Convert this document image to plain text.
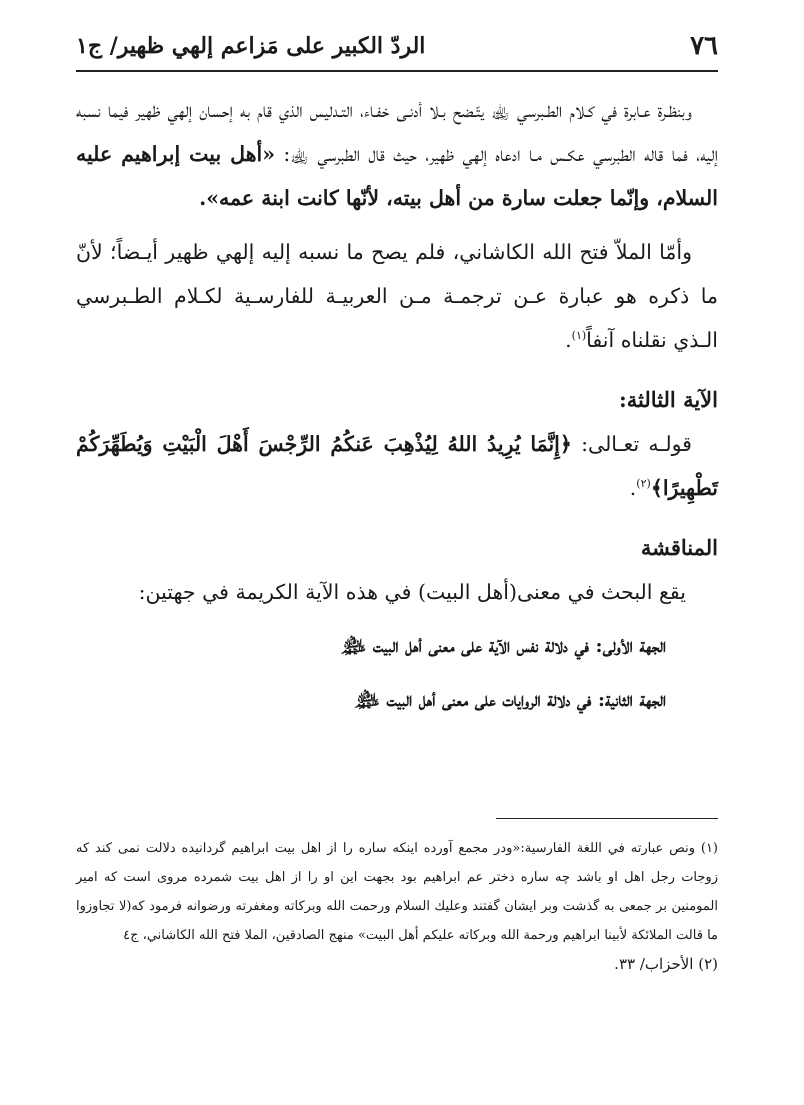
٧٦
الردّ الكبير على مَزاعم إلهي ظهير/ ج١

وبنظـرة عـابرة في كـلام الطـبرسي ﵀ يتّـضح بـلا أدنـى خفـاء، التـدليس الذي قام به إحسان إلهي ظهير فيما نسبه إليه، فما قاله الطبرسي عكـس مـا ادعاه إلهي ظهير، حيث قال الطبرسي ﵀: «أهل بيت إبراهيم عليه السلام، وإنّما جعلت سارة من أهل بيته، لأنّها كانت ابنة عمه».

وأمّا الملاّ فتح الله الكاشاني، فلم يصح ما نسبه إليه إلهي ظهير أيـضاً؛ لأنّ ما ذكره هو عبارة عـن ترجمـة مـن العربيـة للفارسـية لكـلام الطـبرسي الـذي نقلناه آنفاً$^{(١)}$.

الآية الثالثة:

قولـه تعـالى: ﴿إِنَّمَا يُرِيدُ اللهُ لِيُذْهِبَ عَنكُمُ الرِّجْسَ أَهْلَ الْبَيْتِ وَيُطَهِّرَكُمْ تَطْهِيرًا﴾$^{(٢)}$.

المناقشة

يقع البحث في معنى(أهل البيت) في هذه الآية الكريمة في جهتين:

الجهة الأولى: في دلالة نفس الآية على معنى أهل البيت ﵈

الجهة الثانية: في دلالة الروايات على معنى أهل البيت ﵈

(١) ونص عبارته في اللغة الفارسية:«ودر مجمع آورده اينكه ساره را از اهل بيت ابراهيم گردانيده دلالت نمى كند كه زوجات رجل اهل او باشد چه ساره دختر عم ابراهيم بود بجهت اين او را از اهل بيت شمرده مروى است كه امير المومنين بر جمعى به گذشت وبر ايشان گفتند وعليك السلام ورحمت الله وبركاته ومغفرته ورضوانه فرمود كه(لا تجاوزوا ما قالت الملائكة لأبينا ابراهيم ورحمة الله وبركاته عليكم أهل البيت» منهج الصادقين، الملا فتح الله الكاشاني، ج٤

(٢) الأحزاب/ ٣٣.
